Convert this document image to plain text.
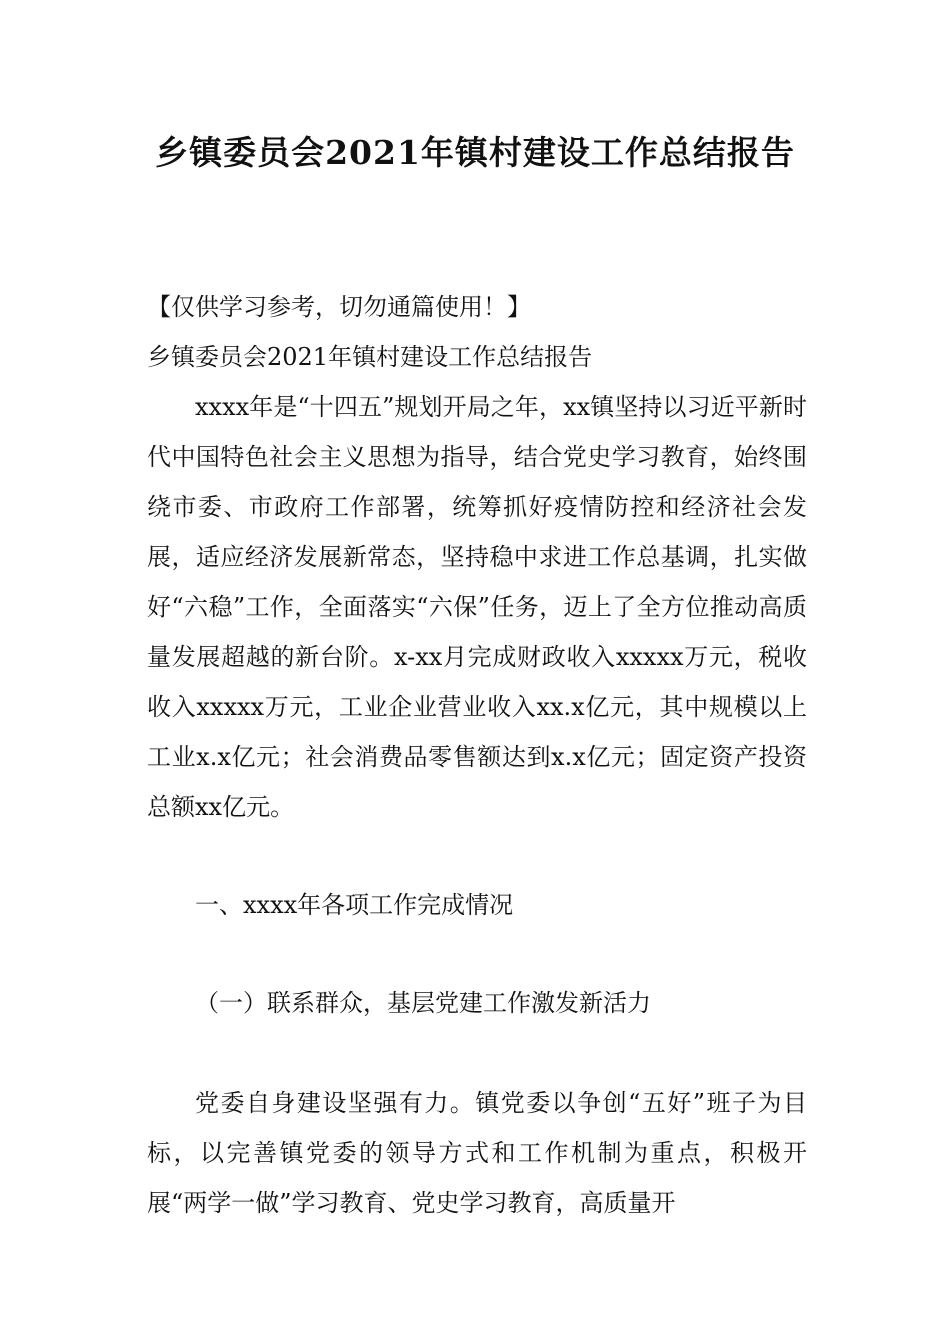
乡镇委员会2021年镇村建设工作总结报告

【仅供学习参考，切勿通篇使用！】

乡镇委员会2021年镇村建设工作总结报告

xxxx年是“十四五”规划开局之年，xx镇坚持以习近平新时代中国特色社会主义思想为指导，结合党史学习教育，始终围绕市委、市政府工作部署，统筹抓好疫情防控和经济社会发展，适应经济发展新常态，坚持稳中求进工作总基调，扎实做好“六稳”工作，全面落实“六保”任务，迈上了全方位推动高质量发展超越的新台阶。x-xx月完成财政收入xxxxx万元，税收收入xxxxx万元，工业企业营业收入xx.x亿元，其中规模以上工业x.x亿元；社会消费品零售额达到x.x亿元；固定资产投资总额xx亿元。

一、xxxx年各项工作完成情况

（一）联系群众，基层党建工作激发新活力

党委自身建设坚强有力。镇党委以争创“五好”班子为目标，以完善镇党委的领导方式和工作机制为重点，积极开展“两学一做”学习教育、党史学习教育，高质量开
